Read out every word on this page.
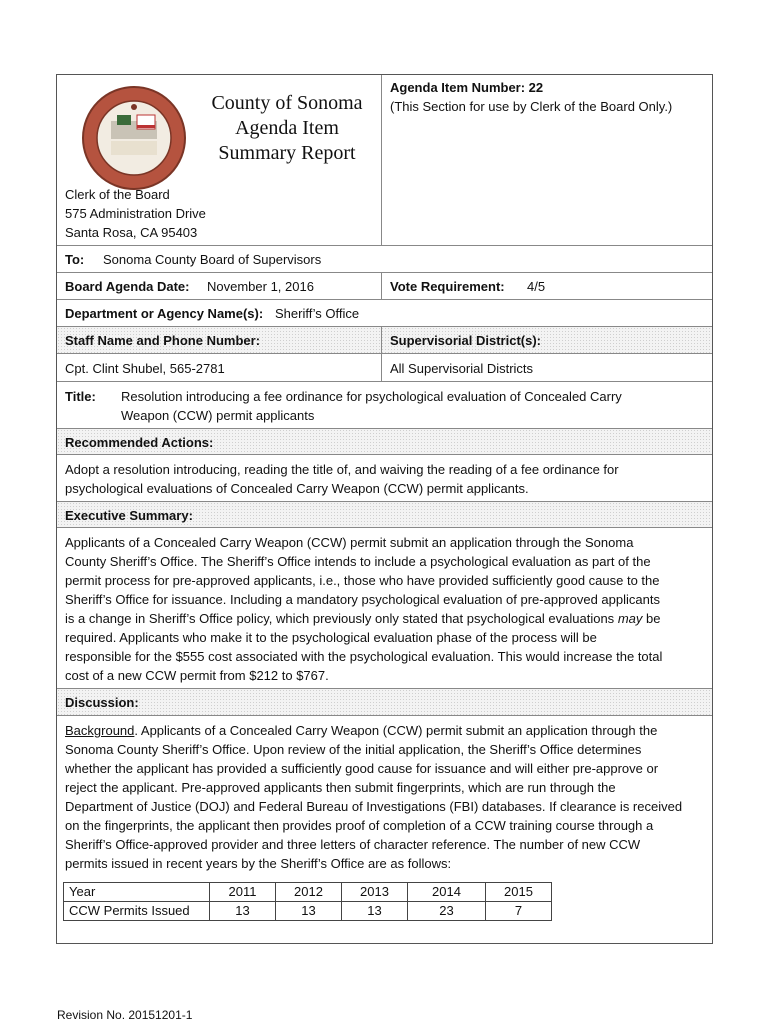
County of Sonoma
Agenda Item
Summary Report
Clerk of the Board
575 Administration Drive
Santa Rosa, CA 95403
Agenda Item Number: 22
(This Section for use by Clerk of the Board Only.)
To: Sonoma County Board of Supervisors
Board Agenda Date: November 1, 2016	Vote Requirement: 4/5
Department or Agency Name(s): Sheriff’s Office
Staff Name and Phone Number:	Supervisorial District(s):
Cpt. Clint Shubel, 565-2781	All Supervisorial Districts
Title: Resolution introducing a fee ordinance for psychological evaluation of Concealed Carry
Weapon (CCW) permit applicants
Recommended Actions:
Adopt a resolution introducing, reading the title of, and waiving the reading of a fee ordinance for
psychological evaluations of Concealed Carry Weapon (CCW) permit applicants.
Executive Summary:
Applicants of a Concealed Carry Weapon (CCW) permit submit an application through the Sonoma
County Sheriff’s Office. The Sheriff’s Office intends to include a psychological evaluation as part of the
permit process for pre-approved applicants, i.e., those who have provided sufficiently good cause to the
Sheriff’s Office for issuance. Including a mandatory psychological evaluation of pre-approved applicants
is a change in Sheriff’s Office policy, which previously only stated that psychological evaluations may be
required. Applicants who make it to the psychological evaluation phase of the process will be
responsible for the $555 cost associated with the psychological evaluation. This would increase the total
cost of a new CCW permit from $212 to $767.
Discussion:
Background. Applicants of a Concealed Carry Weapon (CCW) permit submit an application through the
Sonoma County Sheriff’s Office. Upon review of the initial application, the Sheriff’s Office determines
whether the applicant has provided a sufficiently good cause for issuance and will either pre-approve or
reject the applicant. Pre-approved applicants then submit fingerprints, which are run through the
Department of Justice (DOJ) and Federal Bureau of Investigations (FBI) databases. If clearance is received
on the fingerprints, the applicant then provides proof of completion of a CCW training course through a
Sheriff’s Office-approved provider and three letters of character reference. The number of new CCW
permits issued in recent years by the Sheriff’s Office are as follows:
Year	2011	2012	2013	2014	2015
CCW Permits Issued	13	13	13	23	7
Revision No. 20151201-1
